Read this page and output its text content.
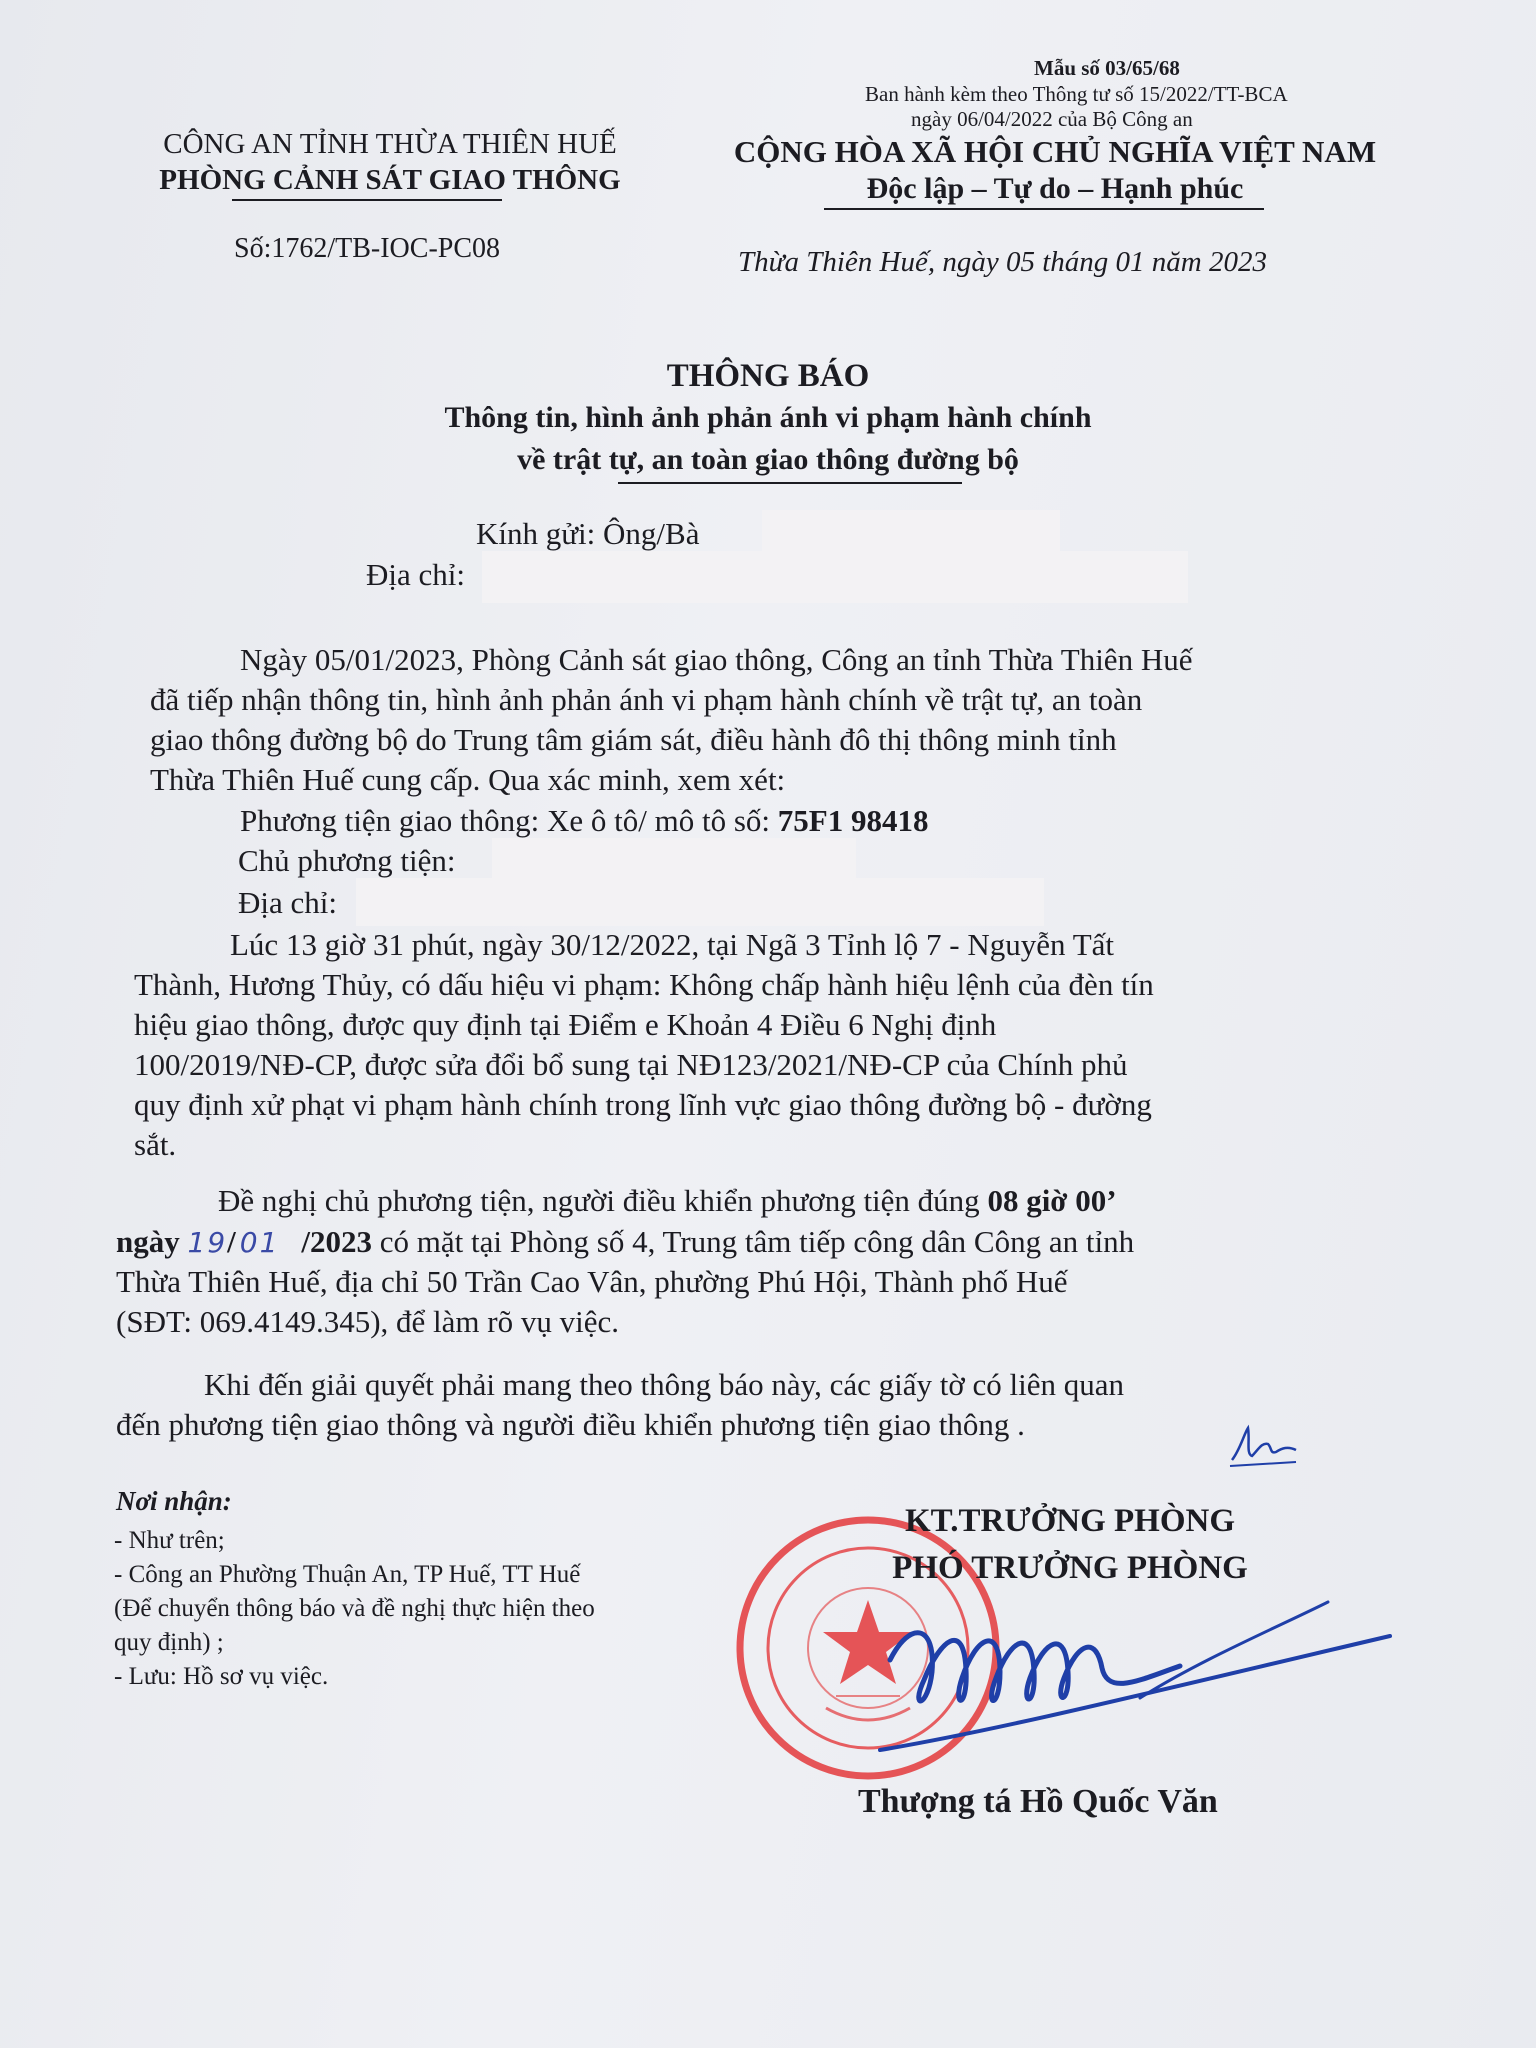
Mẫu số 03/65/68
Ban hành kèm theo Thông tư số 15/2022/TT-BCA
ngày 06/04/2022 của Bộ Công an
CÔNG AN TỈNH THỪA THIÊN HUẾ
PHÒNG CẢNH SÁT GIAO THÔNG
Số:1762/TB-IOC-PC08
CỘNG HÒA XÃ HỘI CHỦ NGHĨA VIỆT NAM
Độc lập – Tự do – Hạnh phúc
Thừa Thiên Huế, ngày 05 tháng 01 năm 2023
THÔNG BÁO
Thông tin, hình ảnh phản ánh vi phạm hành chính
về trật tự, an toàn giao thông đường bộ
Kính gửi: Ông/Bà
Địa chỉ:
Ngày 05/01/2023, Phòng Cảnh sát giao thông, Công an tỉnh Thừa Thiên Huế
đã tiếp nhận thông tin, hình ảnh phản ánh vi phạm hành chính về trật tự, an toàn
giao thông đường bộ do Trung tâm giám sát, điều hành đô thị thông minh tỉnh
Thừa Thiên Huế cung cấp. Qua xác minh, xem xét:
Phương tiện giao thông: Xe ô tô/ mô tô số: 75F1 98418
Chủ phương tiện:
Địa chỉ:
Lúc 13 giờ 31 phút, ngày 30/12/2022, tại Ngã 3 Tỉnh lộ 7 - Nguyễn Tất
Thành, Hương Thủy, có dấu hiệu vi phạm: Không chấp hành hiệu lệnh của đèn tín
hiệu giao thông, được quy định tại Điểm e Khoản 4 Điều 6 Nghị định
100/2019/NĐ-CP, được sửa đổi bổ sung tại NĐ123/2021/NĐ-CP của Chính phủ
quy định xử phạt vi phạm hành chính trong lĩnh vực giao thông đường bộ - đường
sắt.
Đề nghị chủ phương tiện, người điều khiển phương tiện đúng 08 giờ 00’
ngày 19/ 01 /2023 có mặt tại Phòng số 4, Trung tâm tiếp công dân Công an tỉnh
Thừa Thiên Huế, địa chỉ 50 Trần Cao Vân, phường Phú Hội, Thành phố Huế
(SĐT: 069.4149.345), để làm rõ vụ việc.
Khi đến giải quyết phải mang theo thông báo này, các giấy tờ có liên quan
đến phương tiện giao thông và người điều khiển phương tiện giao thông .
Nơi nhận:
- Như trên;
- Công an Phường Thuận An, TP Huế, TT Huế
(Để chuyển thông báo và đề nghị thực hiện theo
quy định) ;
- Lưu: Hồ sơ vụ việc.
KT.TRƯỞNG PHÒNG
PHÓ TRƯỞNG PHÒNG
Thượng tá Hồ Quốc Văn
